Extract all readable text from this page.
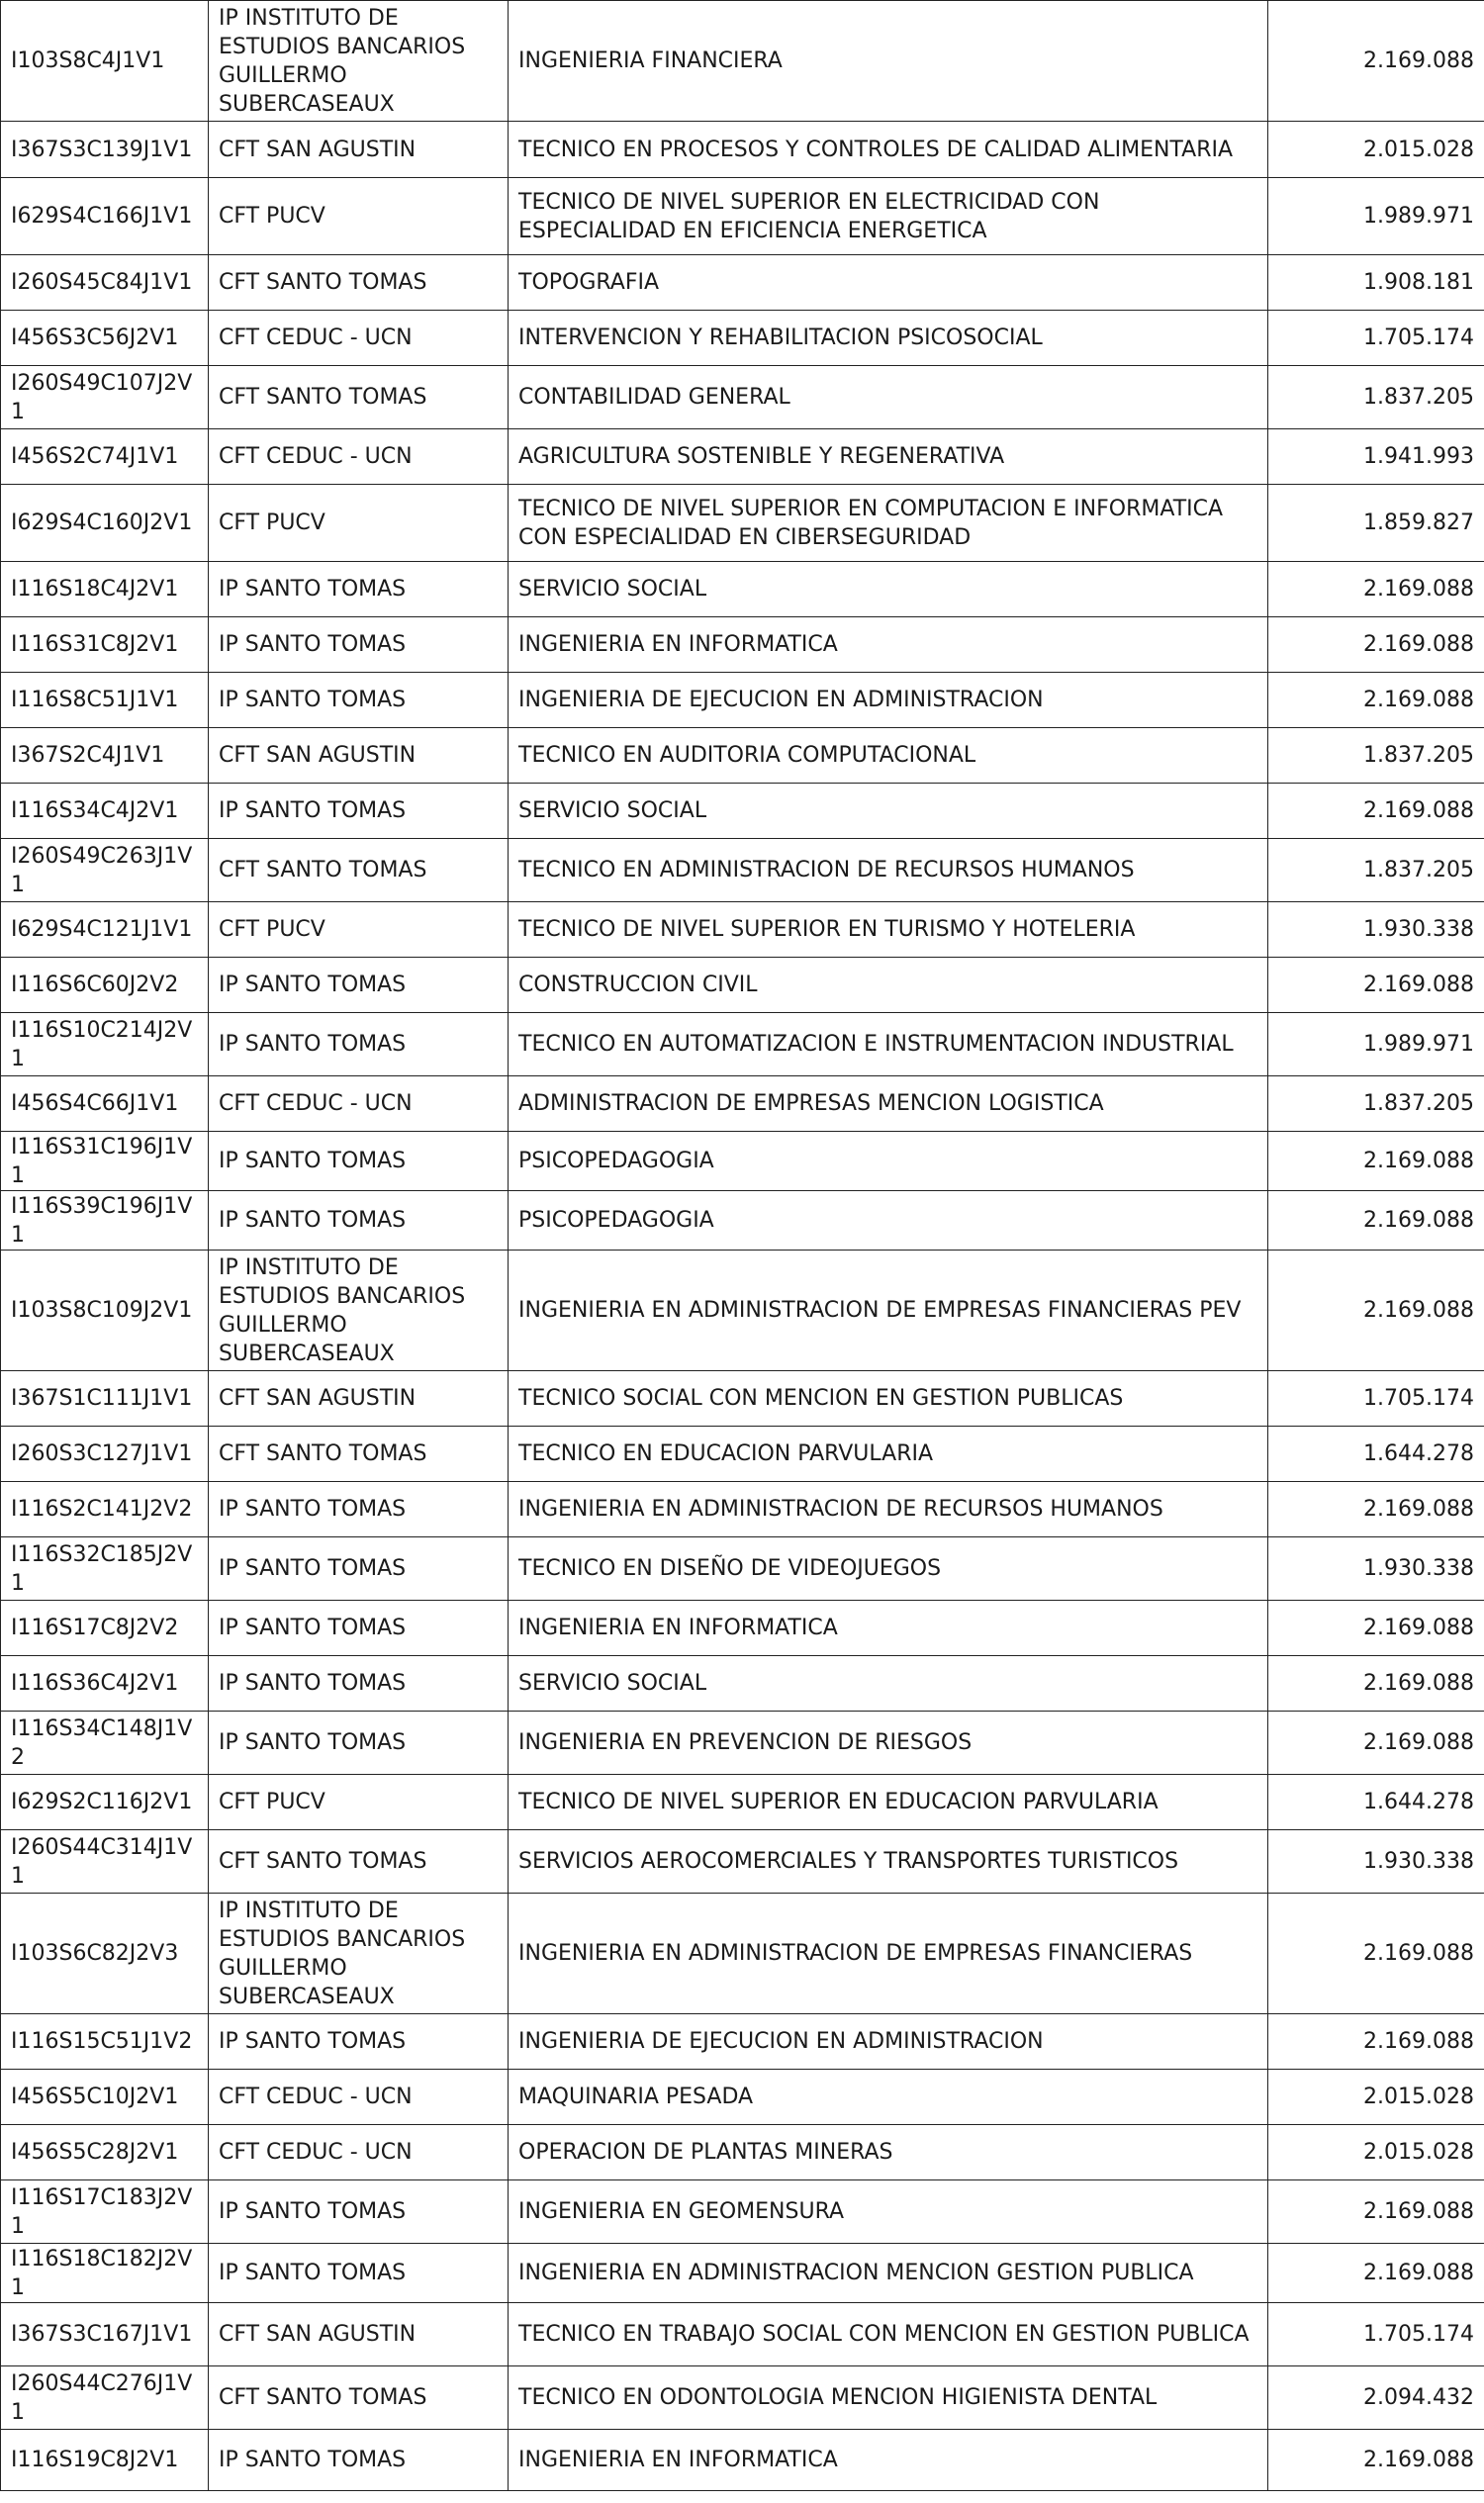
I103S8C4J1V1	IP INSTITUTO DE ESTUDIOS BANCARIOS GUILLERMO SUBERCASEAUX	INGENIERIA FINANCIERA	2.169.088
I367S3C139J1V1	CFT SAN AGUSTIN	TECNICO EN PROCESOS Y CONTROLES DE CALIDAD ALIMENTARIA	2.015.028
I629S4C166J1V1	CFT PUCV	TECNICO DE NIVEL SUPERIOR EN ELECTRICIDAD CON ESPECIALIDAD EN EFICIENCIA ENERGETICA	1.989.971
I260S45C84J1V1	CFT SANTO TOMAS	TOPOGRAFIA	1.908.181
I456S3C56J2V1	CFT CEDUC - UCN	INTERVENCION Y REHABILITACION PSICOSOCIAL	1.705.174
I260S49C107J2V1	CFT SANTO TOMAS	CONTABILIDAD GENERAL	1.837.205
I456S2C74J1V1	CFT CEDUC - UCN	AGRICULTURA SOSTENIBLE Y REGENERATIVA	1.941.993
I629S4C160J2V1	CFT PUCV	TECNICO DE NIVEL SUPERIOR EN COMPUTACION E INFORMATICA CON ESPECIALIDAD EN CIBERSEGURIDAD	1.859.827
I116S18C4J2V1	IP SANTO TOMAS	SERVICIO SOCIAL	2.169.088
I116S31C8J2V1	IP SANTO TOMAS	INGENIERIA EN INFORMATICA	2.169.088
I116S8C51J1V1	IP SANTO TOMAS	INGENIERIA DE EJECUCION EN ADMINISTRACION	2.169.088
I367S2C4J1V1	CFT SAN AGUSTIN	TECNICO EN AUDITORIA COMPUTACIONAL	1.837.205
I116S34C4J2V1	IP SANTO TOMAS	SERVICIO SOCIAL	2.169.088
I260S49C263J1V1	CFT SANTO TOMAS	TECNICO EN ADMINISTRACION DE RECURSOS HUMANOS	1.837.205
I629S4C121J1V1	CFT PUCV	TECNICO DE NIVEL SUPERIOR EN TURISMO Y HOTELERIA	1.930.338
I116S6C60J2V2	IP SANTO TOMAS	CONSTRUCCION CIVIL	2.169.088
I116S10C214J2V1	IP SANTO TOMAS	TECNICO EN AUTOMATIZACION E INSTRUMENTACION INDUSTRIAL	1.989.971
I456S4C66J1V1	CFT CEDUC - UCN	ADMINISTRACION DE EMPRESAS MENCION LOGISTICA	1.837.205
I116S31C196J1V1	IP SANTO TOMAS	PSICOPEDAGOGIA	2.169.088
I116S39C196J1V1	IP SANTO TOMAS	PSICOPEDAGOGIA	2.169.088
I103S8C109J2V1	IP INSTITUTO DE ESTUDIOS BANCARIOS GUILLERMO SUBERCASEAUX	INGENIERIA EN ADMINISTRACION DE EMPRESAS FINANCIERAS PEV	2.169.088
I367S1C111J1V1	CFT SAN AGUSTIN	TECNICO SOCIAL CON MENCION EN GESTION PUBLICAS	1.705.174
I260S3C127J1V1	CFT SANTO TOMAS	TECNICO EN EDUCACION PARVULARIA	1.644.278
I116S2C141J2V2	IP SANTO TOMAS	INGENIERIA EN ADMINISTRACION DE RECURSOS HUMANOS	2.169.088
I116S32C185J2V1	IP SANTO TOMAS	TECNICO EN DISEÑO DE VIDEOJUEGOS	1.930.338
I116S17C8J2V2	IP SANTO TOMAS	INGENIERIA EN INFORMATICA	2.169.088
I116S36C4J2V1	IP SANTO TOMAS	SERVICIO SOCIAL	2.169.088
I116S34C148J1V2	IP SANTO TOMAS	INGENIERIA EN PREVENCION DE RIESGOS	2.169.088
I629S2C116J2V1	CFT PUCV	TECNICO DE NIVEL SUPERIOR EN EDUCACION PARVULARIA	1.644.278
I260S44C314J1V1	CFT SANTO TOMAS	SERVICIOS AEROCOMERCIALES Y TRANSPORTES TURISTICOS	1.930.338
I103S6C82J2V3	IP INSTITUTO DE ESTUDIOS BANCARIOS GUILLERMO SUBERCASEAUX	INGENIERIA EN ADMINISTRACION DE EMPRESAS FINANCIERAS	2.169.088
I116S15C51J1V2	IP SANTO TOMAS	INGENIERIA DE EJECUCION EN ADMINISTRACION	2.169.088
I456S5C10J2V1	CFT CEDUC - UCN	MAQUINARIA PESADA	2.015.028
I456S5C28J2V1	CFT CEDUC - UCN	OPERACION DE PLANTAS MINERAS	2.015.028
I116S17C183J2V1	IP SANTO TOMAS	INGENIERIA EN GEOMENSURA	2.169.088
I116S18C182J2V1	IP SANTO TOMAS	INGENIERIA EN ADMINISTRACION MENCION GESTION PUBLICA	2.169.088
I367S3C167J1V1	CFT SAN AGUSTIN	TECNICO EN TRABAJO SOCIAL CON MENCION EN GESTION PUBLICA	1.705.174
I260S44C276J1V1	CFT SANTO TOMAS	TECNICO EN ODONTOLOGIA MENCION HIGIENISTA DENTAL	2.094.432
I116S19C8J2V1	IP SANTO TOMAS	INGENIERIA EN INFORMATICA	2.169.088
